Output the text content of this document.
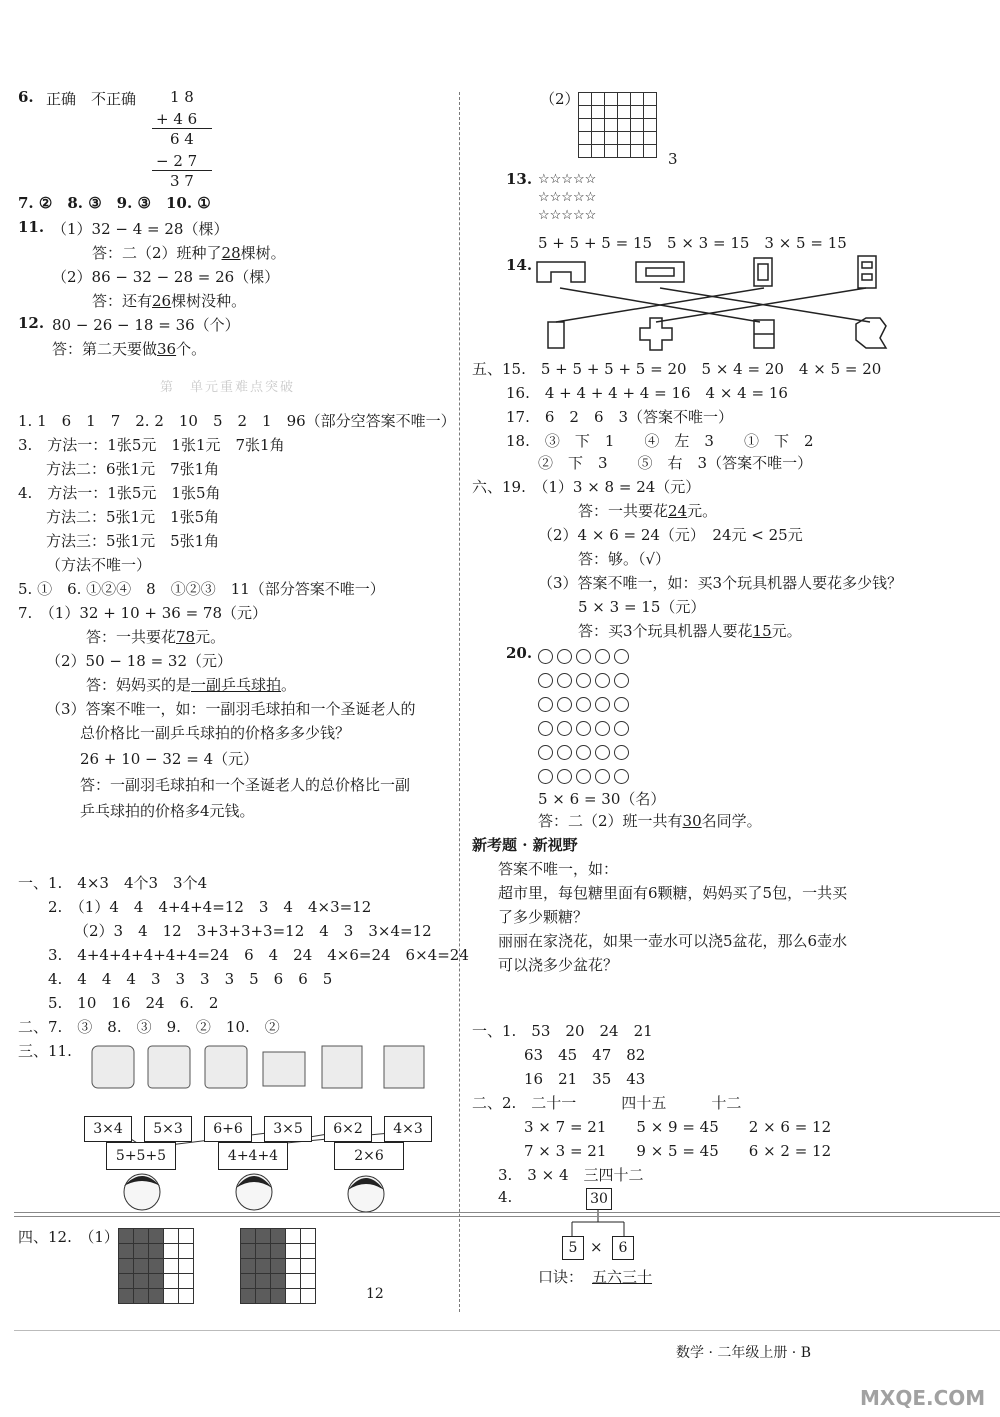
6. 正确　不正确 1 8
+ 4 6
6 4
− 2 7
3 7
7. ②　8. ③　9. ③　10. ①
11. （1）32 − 4 = 28（棵）
答：二（2）班种了28棵树。
（2）86 − 32 − 28 = 26（棵）
答：还有26棵树没种。
12. 80 − 26 − 18 = 36（个）
答：第二天要做36个。
第　单元重难点突破
1. 1　6　1　7　2. 2　10　5　2　1　96（部分空答案不唯一）
3.　方法一：1张5元　1张1元　7张1角
方法二：6张1元　7张1角
4.　方法一：1张5元　1张5角
方法二：5张1元　1张5角
方法三：5张1元　5张1角
（方法不唯一）
5. ①　6. ①②④　8　①②③　11（部分答案不唯一）
7.　（1）32 + 10 + 36 = 78（元）
答：一共要花78元。
（2）50 − 18 = 32（元）
答：妈妈买的是一副乒乓球拍。
（3）答案不唯一，如：一副羽毛球拍和一个圣诞老人的
总价格比一副乒乓球拍的价格多多少钱？
26 + 10 − 32 = 4（元）
答：一副羽毛球拍和一个圣诞老人的总价格比一副
乒乓球拍的价格多4元钱。
一、1.　4×3　4个3　3个4
2.　（1）4　4　4+4+4=12　3　4　4×3=12
（2）3　4　12　3+3+3+3=12　4　3　3×4=12
3.　4+4+4+4+4+4=24　6　4　24　4×6=24　6×4=24
4.　4　4　4　3　3　3　3　5　6　6　5
5.　10　16　24　6.　2
二、7.　③　8.　③　9.　②　10.　②
三、11.
3×4	5×3	6+6	3×5	6×2	4×3
5+5+5	4+4+4	2×6
四、12.　（1）

12
（2）

3
13. ☆☆☆☆☆
☆☆☆☆☆
☆☆☆☆☆
5 + 5 + 5 = 15　5 × 3 = 15　3 × 5 = 15
14.
五、15.　5 + 5 + 5 + 5 = 20　5 × 4 = 20　4 × 5 = 20
16.　4 + 4 + 4 + 4 = 16　4 × 4 = 16
17.　6　2　6　3（答案不唯一）
18.　③　下　1　　④　左　3　　①　下　2
②　下　3　　⑤　右　3（答案不唯一）
六、19.　（1）3 × 8 = 24（元）
答：一共要花24元。
（2）4 × 6 = 24（元）　24元 < 25元
答：够。（√）
（3）答案不唯一，如：买3个玩具机器人要花多少钱？
5 × 3 = 15（元）
答：买3个玩具机器人要花15元。
20.
5 × 6 = 30（名）
答：二（2）班一共有30名同学。
新考题 · 新视野
答案不唯一，如：
超市里，每包糖里面有6颗糖，妈妈买了5包，一共买
了多少颗糖？
丽丽在家浇花，如果一壶水可以浇5盆花，那么6壶水
可以浇多少盆花？
一、1.　53　20　24　21
63　45　47　82
16　21　35　43
二、2.　二十一　　　四十五　　　十二
3 × 7 = 21　　5 × 9 = 45　　2 × 6 = 12
7 × 3 = 21　　9 × 5 = 45　　6 × 2 = 12
3.　3 × 4　三四十二
4.	30
5 ×	6
口诀： 五六三十
数学 · 二年级上册 · B
MXQE.COM
